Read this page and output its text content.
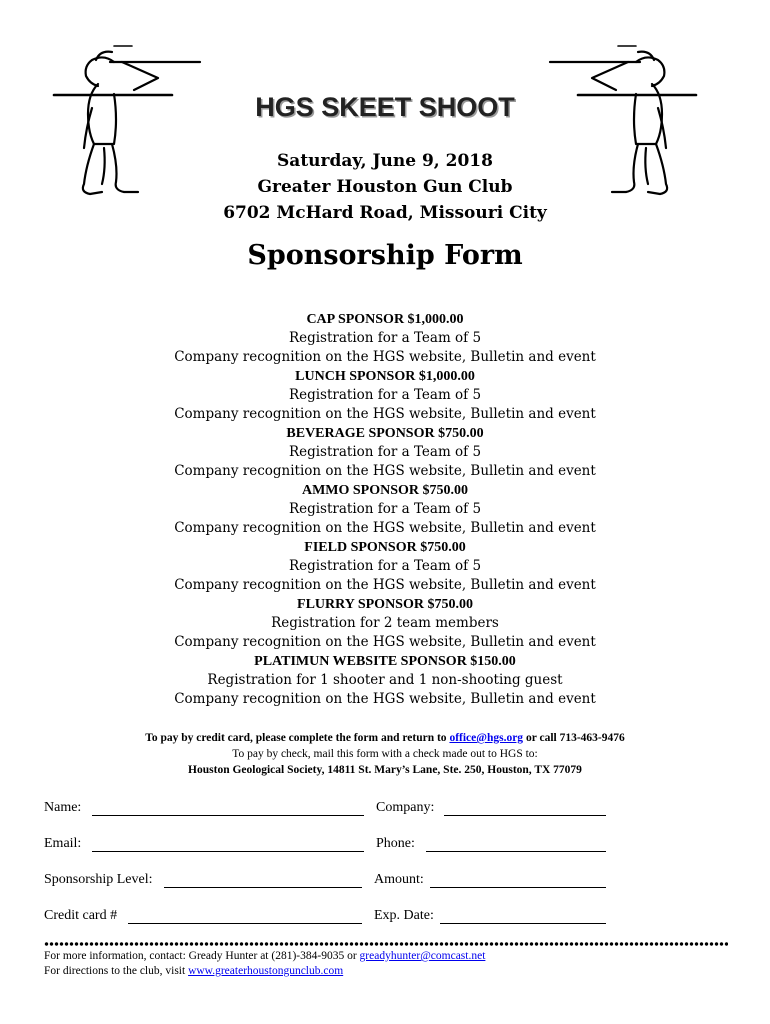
HGS SKEET SHOOT
Saturday, June 9, 2018
Greater Houston Gun Club
6702 McHard Road, Missouri City
Sponsorship Form
CAP SPONSOR $1,000.00
Registration for a Team of 5
Company recognition on the HGS website, Bulletin and event
LUNCH SPONSOR $1,000.00
Registration for a Team of 5
Company recognition on the HGS website, Bulletin and event
BEVERAGE SPONSOR $750.00
Registration for a Team of 5
Company recognition on the HGS website, Bulletin and event
AMMO SPONSOR $750.00
Registration for a Team of 5
Company recognition on the HGS website, Bulletin and event
FIELD SPONSOR $750.00
Registration for a Team of 5
Company recognition on the HGS website, Bulletin and event
FLURRY SPONSOR $750.00
Registration for 2 team members
Company recognition on the HGS website, Bulletin and event
PLATIMUN WEBSITE SPONSOR $150.00
Registration for 1 shooter and 1 non-shooting guest
Company recognition on the HGS website, Bulletin and event
To pay by credit card, please complete the form and return to office@hgs.org or call 713-463-9476
To pay by check, mail this form with a check made out to HGS to:
Houston Geological Society, 14811 St. Mary’s Lane, Ste. 250, Houston, TX 77079
Name:	Company:
Email:	Phone:
Sponsorship Level:	Amount:
Credit card #	Exp. Date:
For more information, contact: Gready Hunter at (281)-384-9035 or greadyhunter@comcast.net
For directions to the club, visit www.greaterhoustongunclub.com
